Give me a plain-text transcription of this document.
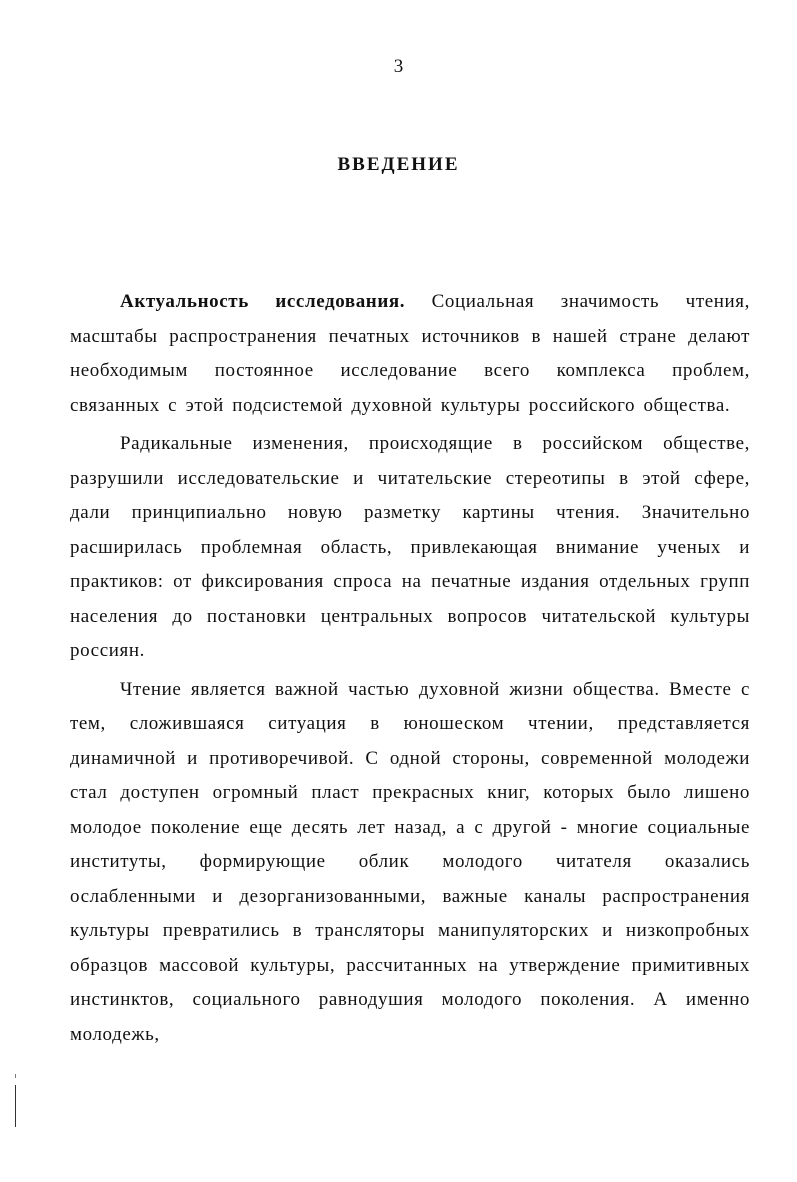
3
ВВЕДЕНИЕ

Актуальность исследования. Социальная значимость чтения, масштабы распространения печатных источников в нашей стране делают необходимым постоянное исследование всего комплекса проблем, связанных с этой подсистемой духовной культуры российского общества.

Радикальные изменения, происходящие в российском обществе, разрушили исследовательские и читательские стереотипы в этой сфере, дали принципиально новую разметку картины чтения. Значительно расширилась проблемная область, привлекающая внимание ученых и практиков: от фиксирования спроса на печатные издания отдельных групп населения до постановки центральных вопросов читательской культуры россиян.

Чтение является важной частью духовной жизни общества. Вместе с тем, сложившаяся ситуация в юношеском чтении, представляется динамичной и противоречивой. С одной стороны, современной молодежи стал доступен огромный пласт прекрасных книг, которых было лишено молодое поколение еще десять лет назад, а с другой - многие социальные институты, формирующие облик молодого читателя оказались ослабленными и дезорганизованными, важные каналы распространения культуры превратились в трансляторы манипуляторских и низкопробных образцов массовой культуры, рассчитанных на утверждение примитивных инстинктов, социального равнодушия молодого поколения. А именно молодежь,
